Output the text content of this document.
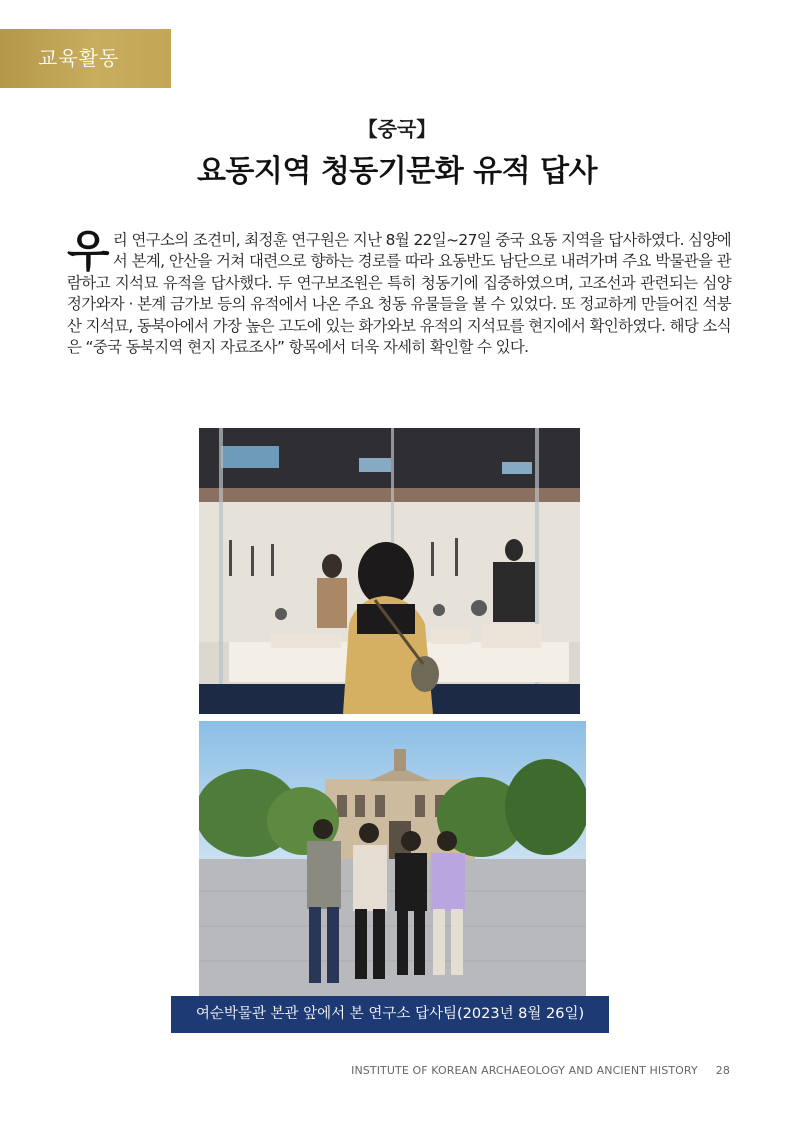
교육활동
【중국】
요동지역 청동기문화 유적 답사
우리 연구소의 조견미, 최정훈 연구원은 지난 8월 22일~27일 중국 요동 지역을 답사하였다. 심양에서 본계, 안산을 거쳐 대련으로 향하는 경로를 따라 요동반도 남단으로 내려가며 주요 박물관을 관람하고 지석묘 유적을 답사했다. 두 연구보조원은 특히 청동기에 집중하였으며, 고조선과 관련되는 심양 정가와자 · 본계 금가보 등의 유적에서 나온 주요 청동 유물들을 볼 수 있었다. 또 정교하게 만들어진 석붕산 지석묘, 동북아에서 가장 높은 고도에 있는 화가와보 유적의 지석묘를 현지에서 확인하였다. 해당 소식은 “중국 동북지역 현지 자료조사” 항목에서 더욱 자세히 확인할 수 있다.
여순박물관 본관 앞에서 본 연구소 답사팀(2023년 8월 26일)
INSTITUTE OF KOREAN ARCHAEOLOGY AND ANCIENT HISTORY 28
